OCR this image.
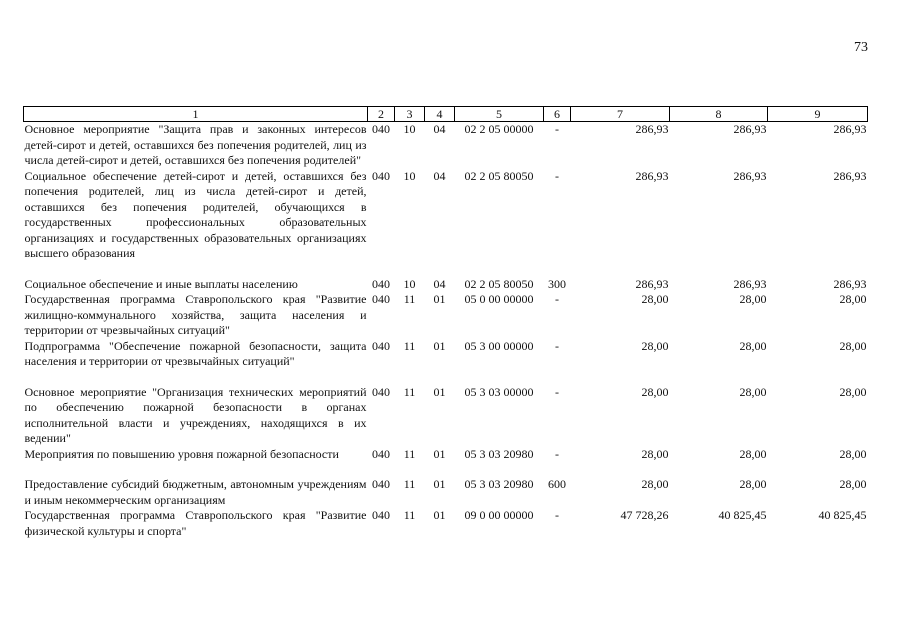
73
1	2	3	4	5	6	7	8	9
Основное мероприятие "Защита прав и законных интересов детей-сирот и детей, оставшихся без попечения родителей, лиц из числа детей-сирот и детей, оставшихся без попечения родителей"	040	10	04	02 2 05 00000	-	286,93	286,93	286,93
Социальное обеспечение детей-сирот и детей, оставшихся без попечения родителей, лиц из числа детей-сирот и детей, оставшихся без попечения родителей, обучающихся в государственных профессиональных образовательных организациях и государственных образовательных организациях высшего образования	040	10	04	02 2 05 80050	-	286,93	286,93	286,93
Социальное обеспечение и иные выплаты населению	040	10	04	02 2 05 80050	300	286,93	286,93	286,93
Государственная программа Ставропольского края "Развитие жилищно-коммунального хозяйства, защита населения и территории от чрезвычайных ситуаций"	040	11	01	05 0 00 00000	-	28,00	28,00	28,00
Подпрограмма "Обеспечение пожарной безопасности, защита населения и территории от чрезвычайных ситуаций"	040	11	01	05 3 00 00000	-	28,00	28,00	28,00
Основное мероприятие "Организация технических мероприятий по обеспечению пожарной безопасности в органах исполнительной власти и учреждениях, находящихся в их ведении"	040	11	01	05 3 03 00000	-	28,00	28,00	28,00
Мероприятия по повышению уровня пожарной безопасности	040	11	01	05 3 03 20980	-	28,00	28,00	28,00
Предоставление субсидий бюджетным, автономным учреждениям и иным некоммерческим организациям	040	11	01	05 3 03 20980	600	28,00	28,00	28,00
Государственная программа Ставропольского края "Развитие физической культуры и спорта"	040	11	01	09 0 00 00000	-	47 728,26	40 825,45	40 825,45
